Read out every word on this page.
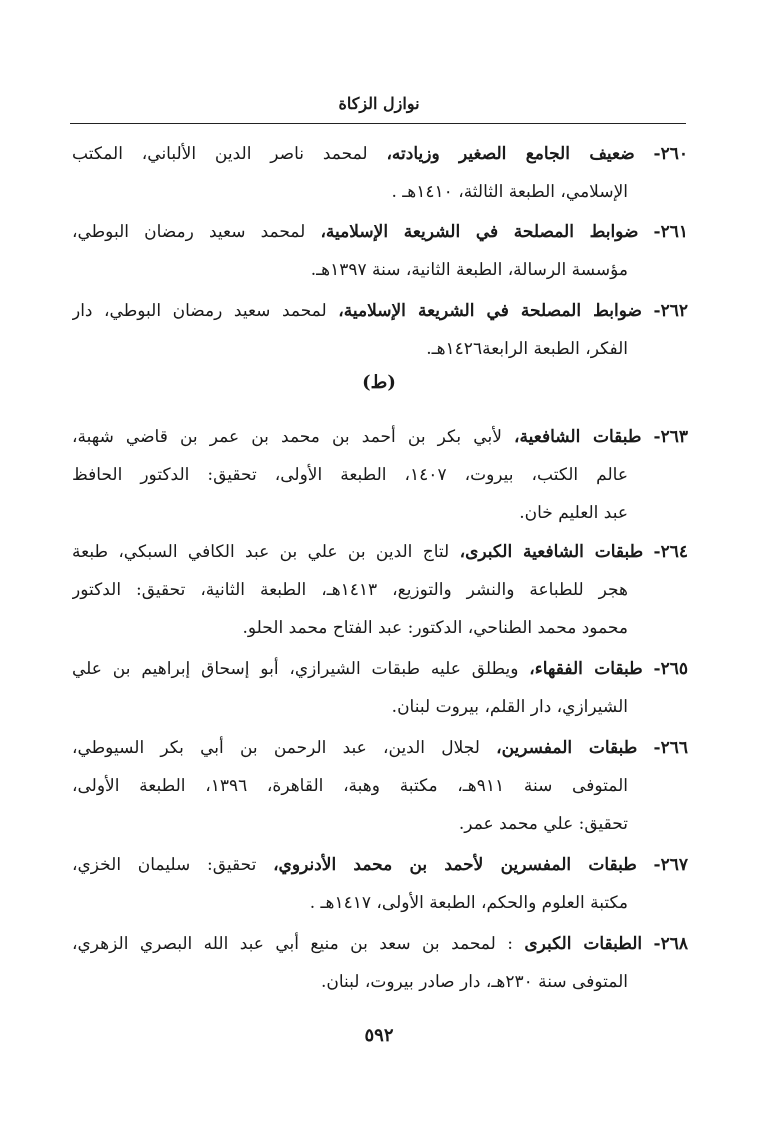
نوازل الزكاة
٢٦٠- ضعيف الجامع الصغير وزيادته، لمحمد ناصر الدين الألباني، المكتب
الإسلامي، الطبعة الثالثة، ١٤١٠هـ .
٢٦١- ضوابط المصلحة في الشريعة الإسلامية، لمحمد سعيد رمضان البوطي،
مؤسسة الرسالة، الطبعة الثانية، سنة ١٣٩٧هـ.
٢٦٢- ضوابط المصلحة في الشريعة الإسلامية، لمحمد سعيد رمضان البوطي، دار
الفكر، الطبعة الرابعة١٤٢٦هـ.
(ط)
٢٦٣- طبقات الشافعية، لأبي بكر بن أحمد بن محمد بن عمر بن قاضي شهبة،
عالم الكتب، بيروت، ١٤٠٧، الطبعة الأولى، تحقيق: الدكتور الحافظ
عبد العليم خان.
٢٦٤- طبقات الشافعية الكبرى، لتاج الدين بن علي بن عبد الكافي السبكي، طبعة
هجر للطباعة والنشر والتوزيع، ١٤١٣هـ، الطبعة الثانية، تحقيق: الدكتور
محمود محمد الطناحي، الدكتور: عبد الفتاح محمد الحلو.
٢٦٥- طبقات الفقهاء، ويطلق عليه طبقات الشيرازي، أبو إسحاق إبراهيم بن علي
الشيرازي، دار القلم، بيروت لبنان.
٢٦٦- طبقات المفسرين، لجلال الدين، عبد الرحمن بن أبي بكر السيوطي،
المتوفى سنة ٩١١هـ، مكتبة وهبة، القاهرة، ١٣٩٦، الطبعة الأولى،
تحقيق: علي محمد عمر.
٢٦٧- طبقات المفسرين لأحمد بن محمد الأدنروي، تحقيق: سليمان الخزي،
مكتبة العلوم والحكم، الطبعة الأولى، ١٤١٧هـ .
٢٦٨- الطبقات الكبرى : لمحمد بن سعد بن منيع أبي عبد الله البصري الزهري،
المتوفى سنة ٢٣٠هـ، دار صادر بيروت، لبنان.
٥٩٢
